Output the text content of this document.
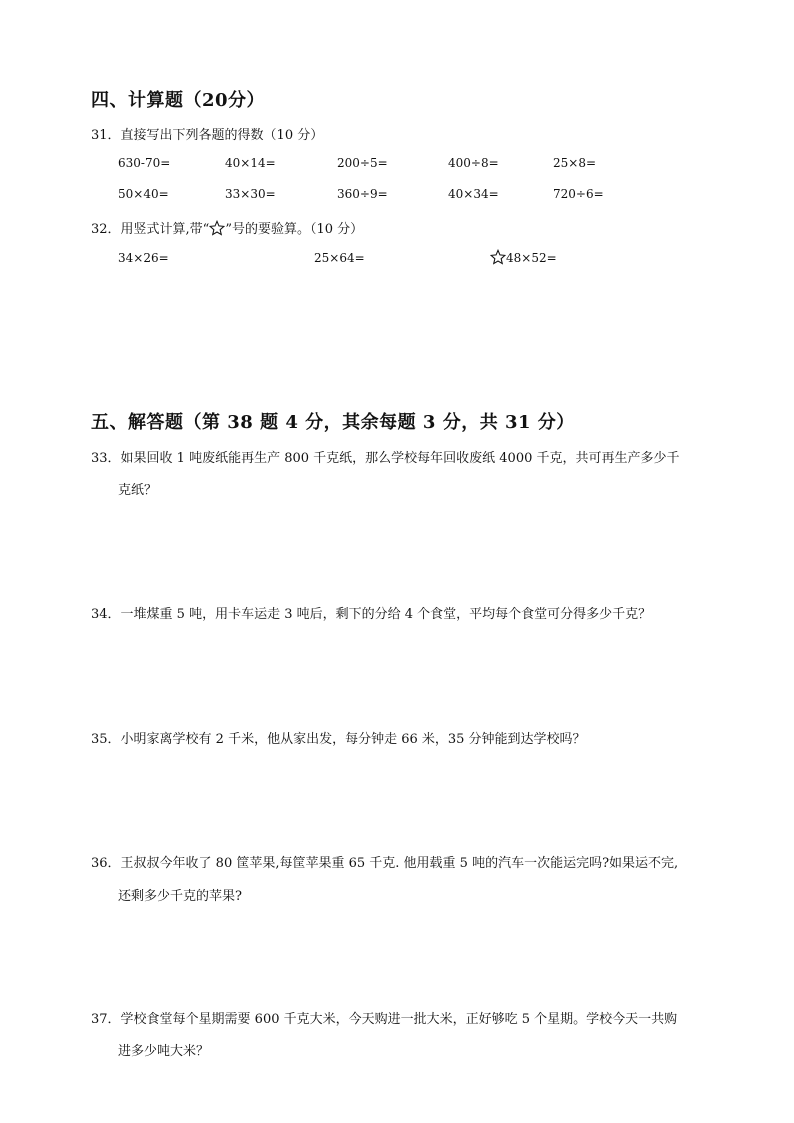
四、计算题（20分）
31．直接写出下列各题的得数（10 分）
630-70=	40×14=	200÷5=	400÷8=	25×8=
50×40=	33×30=	360÷9=	40×34=	720÷6=
32．用竖式计算,带“ ”号的要验算。（10 分）
34×26=	25×64=	48×52=
五、解答题（第 38 题 4 分，其余每题 3 分，共 31 分）
33．如果回收 1 吨废纸能再生产 800 千克纸，那么学校每年回收废纸 4000 千克，共可再生产多少千
克纸？
34．一堆煤重 5 吨，用卡车运走 3 吨后，剩下的分给 4 个食堂，平均每个食堂可分得多少千克？
35．小明家离学校有 2 千米，他从家出发，每分钟走 66 米，35 分钟能到达学校吗？
36．王叔叔今年收了 80 筐苹果,每筐苹果重 65 千克. 他用载重 5 吨的汽车一次能运完吗?如果运不完,
还剩多少千克的苹果?
37．学校食堂每个星期需要 600 千克大米，今天购进一批大米，正好够吃 5 个星期。学校今天一共购
进多少吨大米？
